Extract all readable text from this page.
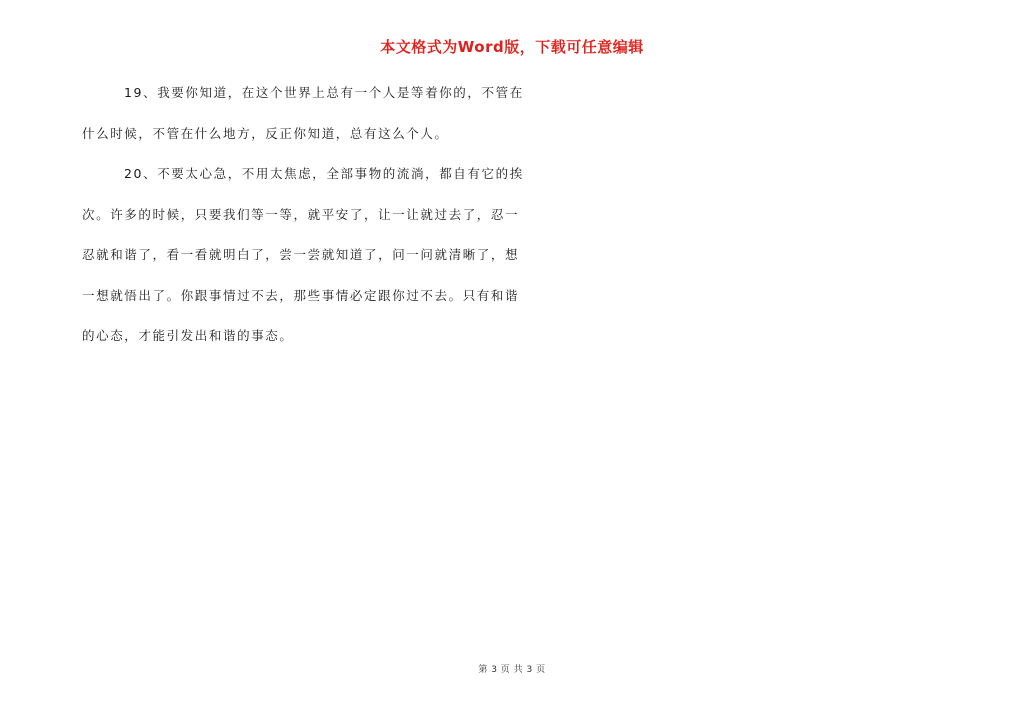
本文格式为Word版，下载可任意编辑
19、我要你知道，在这个世界上总有一个人是等着你的，不管在
什么时候，不管在什么地方，反正你知道，总有这么个人。
20、不要太心急，不用太焦虑，全部事物的流淌，都自有它的挨
次。许多的时候，只要我们等一等，就平安了，让一让就过去了，忍一
忍就和谐了，看一看就明白了，尝一尝就知道了，问一问就清晰了，想
一想就悟出了。你跟事情过不去，那些事情必定跟你过不去。只有和谐
的心态，才能引发出和谐的事态。
第 3 页 共 3 页
